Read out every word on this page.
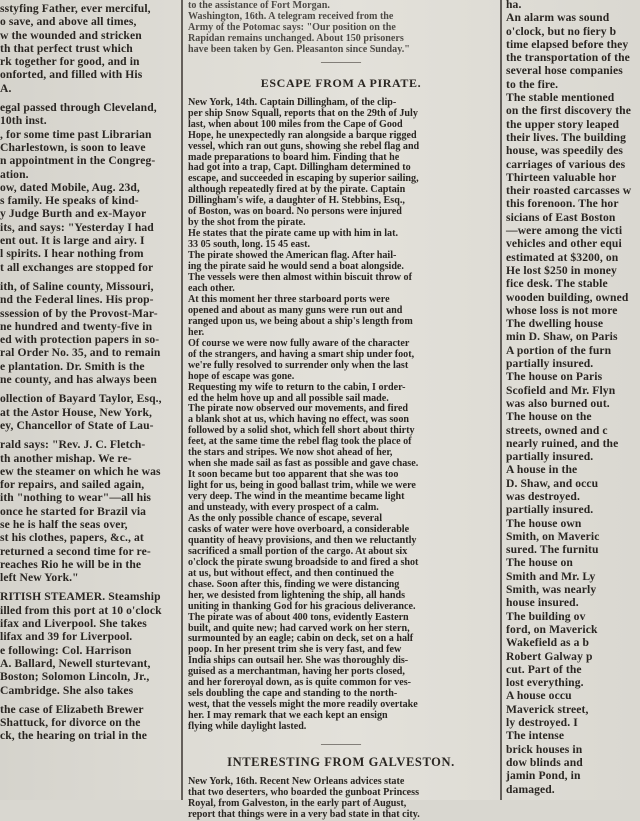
sstyfing Father, ever merciful,
o save, and above all times,
w the wounded and stricken
th that perfect trust which
rk together for good, and in
onforted, and filled with His
A.
egal passed through Cleveland,
10th inst.
, for some time past Librarian
Charlestown, is soon to leave
n appointment in the Congreg-
ation.
ow, dated Mobile, Aug. 23d,
s family. He speaks of kind-
y Judge Burth and ex-Mayor
its, and says: "Yesterday I had
ent out. It is large and airy. I
l spirits. I hear nothing from
t all exchanges are stopped for
ith, of Saline county, Missouri,
nd the Federal lines. His prop-
ssession of by the Provost-Mar-
ne hundred and twenty-five in
ed with protection papers in so-
ral Order No. 35, and to remain
e plantation. Dr. Smith is the
ne county, and has always been
ollection of Bayard Taylor, Esq.,
at the Astor House, New York,
ey, Chancellor of State of Lau-
rald says: "Rev. J. C. Fletch-
th another mishap. We re-
ew the steamer on which he was
for repairs, and sailed again,
ith "nothing to wear"—all his
once he started for Brazil via
se he is half the seas over,
st his clothes, papers, &c., at
returned a second time for re-
reaches Rio he will be in the
left New York."
RITISH STEAMER. Steamship
illed from this port at 10 o'clock
ifax and Liverpool. She takes
lifax and 39 for Liverpool.
e following: Col. Harrison
A. Ballard, Newell sturtevant,
Boston; Solomon Lincoln, Jr.,
Cambridge. She also takes
the case of Elizabeth Brewer
Shattuck, for divorce on the
ck, the hearing on trial in the
to the assistance of Fort Morgan.
Washington, 16th. A telegram received from the
Army of the Potomac says: "Our position on the
Rapidan remains unchanged. About 150 prisoners
have been taken by Gen. Pleasanton since Sunday."
————
ESCAPE FROM A PIRATE.
New York, 14th. Captain Dillingham, of the clip-
per ship Snow Squall, reports that on the 29th of July
last, when about 100 miles from the Cape of Good
Hope, he unexpectedly ran alongside a barque rigged
vessel, which ran out guns, showing she rebel flag and
made preparations to board him. Finding that he
had got into a trap, Capt. Dillingham determined to
escape, and succeeded in escaping by superior sailing,
although repeatedly fired at by the pirate. Captain
Dillingham's wife, a daughter of H. Stebbins, Esq.,
of Boston, was on board. No persons were injured
by the shot from the pirate.
He states that the pirate came up with him in lat.
33 05 south, long. 15 45 east.
The pirate showed the American flag. After hail-
ing the pirate said he would send a boat alongside.
The vessels were then almost within biscuit throw of
each other.
At this moment her three starboard ports were
opened and about as many guns were run out and
ranged upon us, we being about a ship's length from
her.
Of course we were now fully aware of the character
of the strangers, and having a smart ship under foot,
we're fully resolved to surrender only when the last
hope of escape was gone.
Requesting my wife to return to the cabin, I order-
ed the helm hove up and all possible sail made.
The pirate now observed our movements, and fired
a blank shot at us, which having no effect, was soon
followed by a solid shot, which fell short about thirty
feet, at the same time the rebel flag took the place of
the stars and stripes. We now shot ahead of her,
when she made sail as fast as possible and gave chase.
It soon became but too apparent that she was too
light for us, being in good ballast trim, while we were
very deep. The wind in the meantime became light
and unsteady, with every prospect of a calm.
As the only possible chance of escape, several
casks of water were hove overboard, a considerable
quantity of heavy provisions, and then we reluctantly
sacrificed a small portion of the cargo. At about six
o'clock the pirate swung broadside to and fired a shot
at us, but without effect, and then continued the
chase. Soon after this, finding we were distancing
her, we desisted from lightening the ship, all hands
uniting in thanking God for his gracious deliverance.
The pirate was of about 400 tons, evidently Eastern
built, and quite new; had carved work on her stern,
surmounted by an eagle; cabin on deck, set on a half
poop. In her present trim she is very fast, and few
India ships can outsail her. She was thoroughly dis-
guised as a merchantman, having her ports closed,
and her foreroyal down, as is quite common for ves-
sels doubling the cape and standing to the north-
west, that the vessels might the more readily overtake
her. I may remark that we each kept an ensign
flying while daylight lasted.
————
INTERESTING FROM GALVESTON.
New York, 16th. Recent New Orleans advices state
that two deserters, who boarded the gunboat Princess
Royal, from Galveston, in the early part of August,
report that things were in a very bad state in that city.
ha.
An alarm was sound
o'clock, but no fiery b
time elapsed before they
the transportation of the
several hose companies
to the fire.
The stable mentioned
on the first discovery the
the upper story leaped
their lives. The building
house, was speedily des
carriages of various des
Thirteen valuable hor
their roasted carcasses w
this forenoon. The hor
sicians of East Boston
—were among the victi
vehicles and other equi
estimated at $3200, on
He lost $250 in money
fice desk. The stable
wooden building, owned
whose loss is not more
The dwelling house
min D. Shaw, on Paris
A portion of the furn
partially insured.
The house on Paris
Scofield and Mr. Flyn
was also burned out.
The house on the
streets, owned and c
nearly ruined, and the
partially insured.
A house in the
D. Shaw, and occu
was destroyed.
partially insured.
The house own
Smith, on Maveric
sured. The furnitu
The house on
Smith and Mr. Ly
Smith, was nearly
house insured.
The building ov
ford, on Maverick
Wakefield as a b
Robert Galway p
cut. Part of the
lost everything.
A house occu
Maverick street,
ly destroyed. I
The intense
brick houses in
dow blinds and
jamin Pond, in
damaged.
